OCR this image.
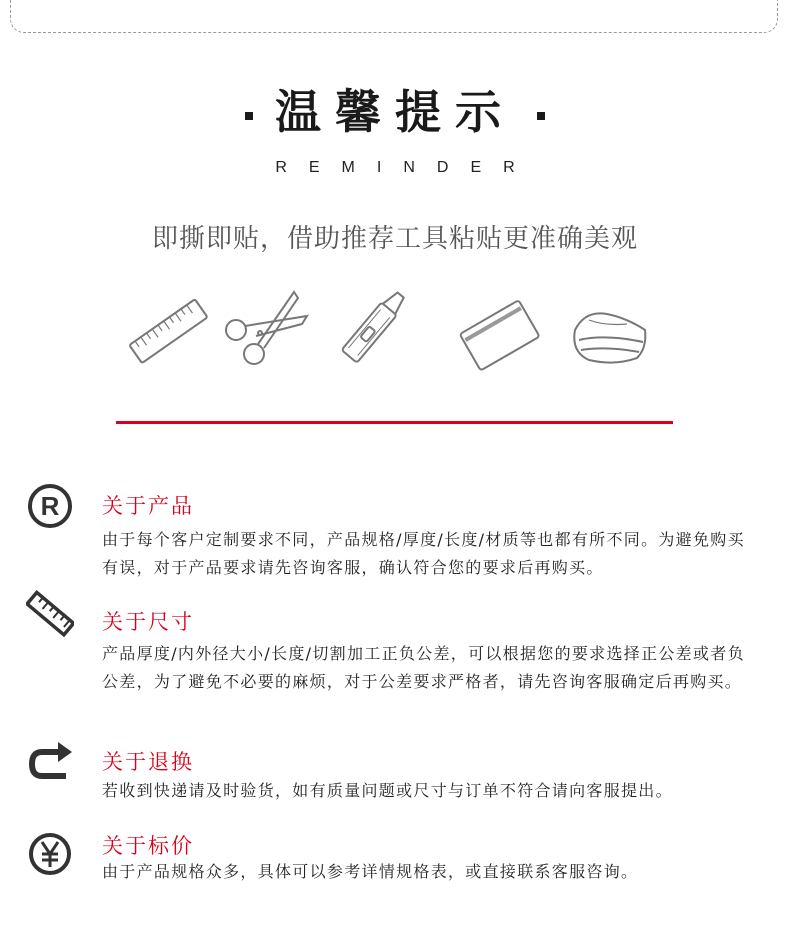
温馨提示
REMINDER
即撕即贴，借助推荐工具粘贴更准确美观
R 关于产品
由于每个客户定制要求不同，产品规格/厚度/长度/材质等也都有所不同。为避免购买有误，对于产品要求请先咨询客服，确认符合您的要求后再购买。
关于尺寸
产品厚度/内外径大小/长度/切割加工正负公差，可以根据您的要求选择正公差或者负公差，为了避免不必要的麻烦，对于公差要求严格者，请先咨询客服确定后再购买。
关于退换
若收到快递请及时验货，如有质量问题或尺寸与订单不符合请向客服提出。
关于标价
由于产品规格众多，具体可以参考详情规格表，或直接联系客服咨询。
